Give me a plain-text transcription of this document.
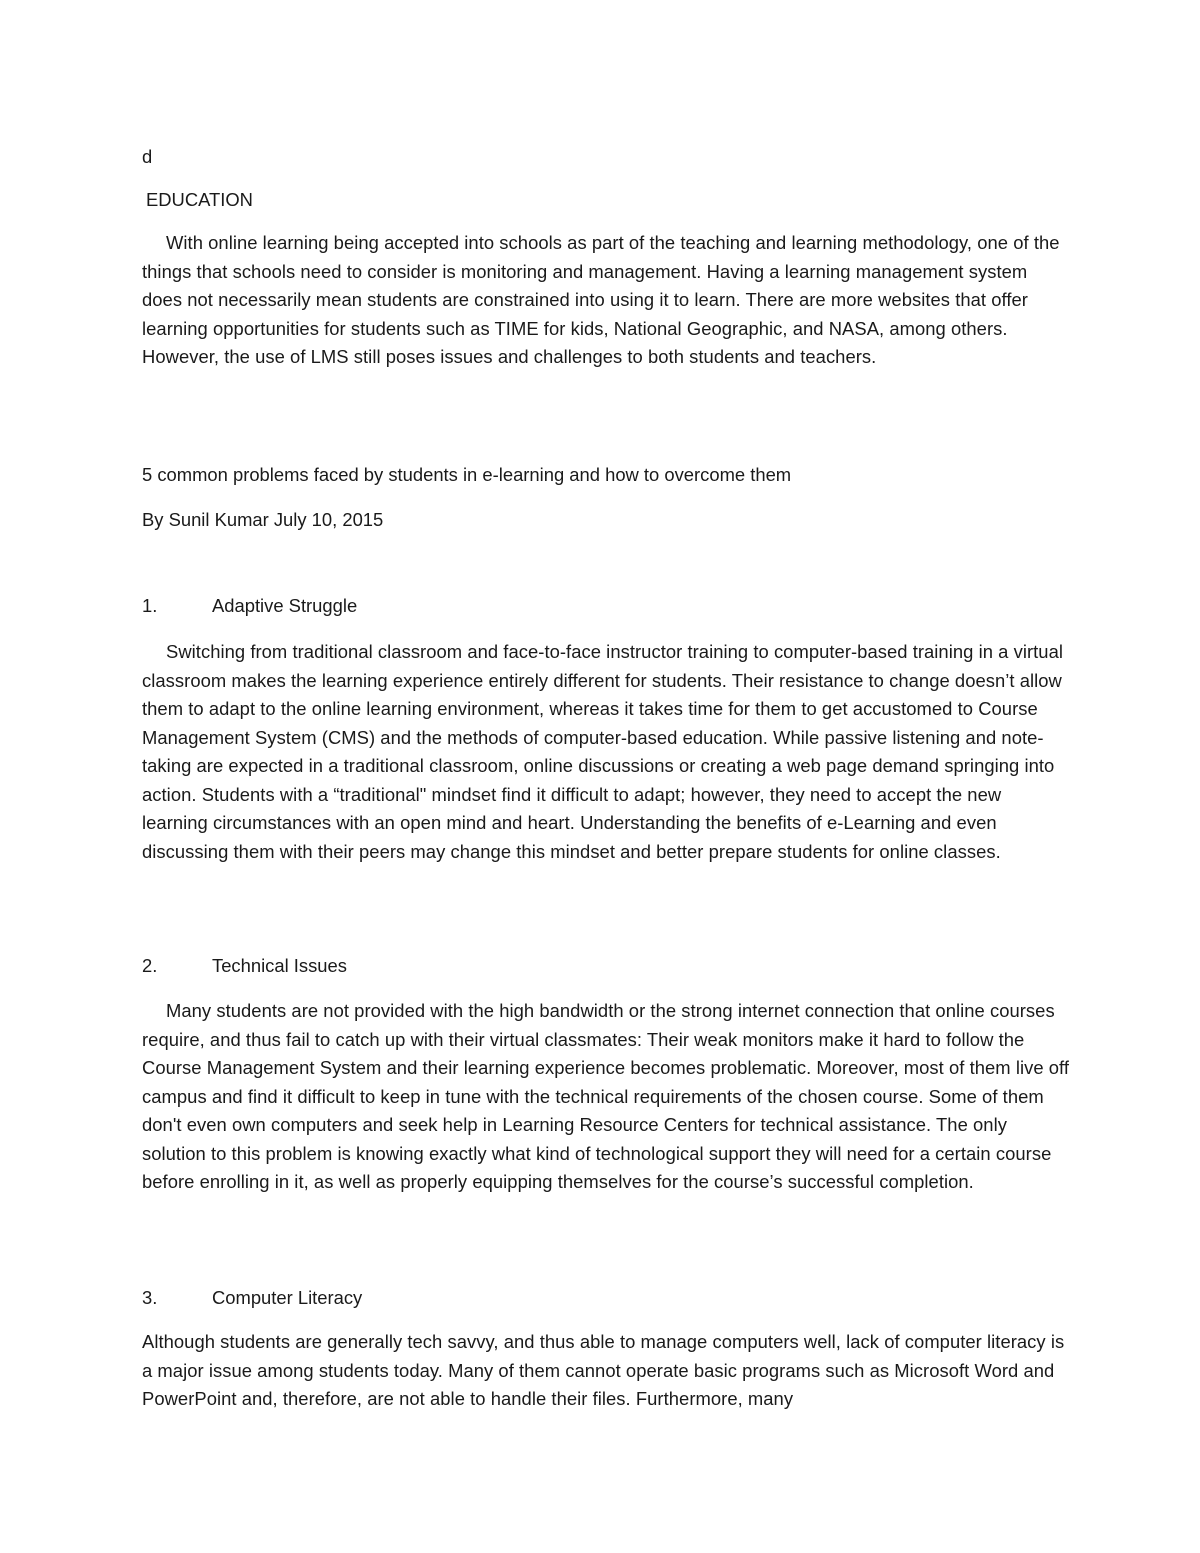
d
EDUCATION
With online learning being accepted into schools as part of the teaching and learning methodology, one of the things that schools need to consider is monitoring and management. Having a learning management system does not necessarily mean students are constrained into using it to learn. There are more websites that offer learning opportunities for students such as TIME for kids, National Geographic, and NASA, among others. However, the use of LMS still poses issues and challenges to both students and teachers.
5 common problems faced by students in e-learning and how to overcome them
By Sunil Kumar July 10, 2015
1.	Adaptive Struggle
Switching from traditional classroom and face-to-face instructor training to computer-based training in a virtual classroom makes the learning experience entirely different for students. Their resistance to change doesn’t allow them to adapt to the online learning environment, whereas it takes time for them to get accustomed to Course Management System (CMS) and the methods of computer-based education. While passive listening and note-taking are expected in a traditional classroom, online discussions or creating a web page demand springing into action. Students with a “traditional" mindset find it difficult to adapt; however, they need to accept the new learning circumstances with an open mind and heart. Understanding the benefits of e-Learning and even discussing them with their peers may change this mindset and better prepare students for online classes.
2.	Technical Issues
Many students are not provided with the high bandwidth or the strong internet connection that online courses require, and thus fail to catch up with their virtual classmates: Their weak monitors make it hard to follow the Course Management System and their learning experience becomes problematic. Moreover, most of them live off campus and find it difficult to keep in tune with the technical requirements of the chosen course. Some of them don't even own computers and seek help in Learning Resource Centers for technical assistance. The only solution to this problem is knowing exactly what kind of technological support they will need for a certain course before enrolling in it, as well as properly equipping themselves for the course’s successful completion.
3.	Computer Literacy
Although students are generally tech savvy, and thus able to manage computers well, lack of computer literacy is a major issue among students today. Many of them cannot operate basic programs such as Microsoft Word and PowerPoint and, therefore, are not able to handle their files. Furthermore, many
